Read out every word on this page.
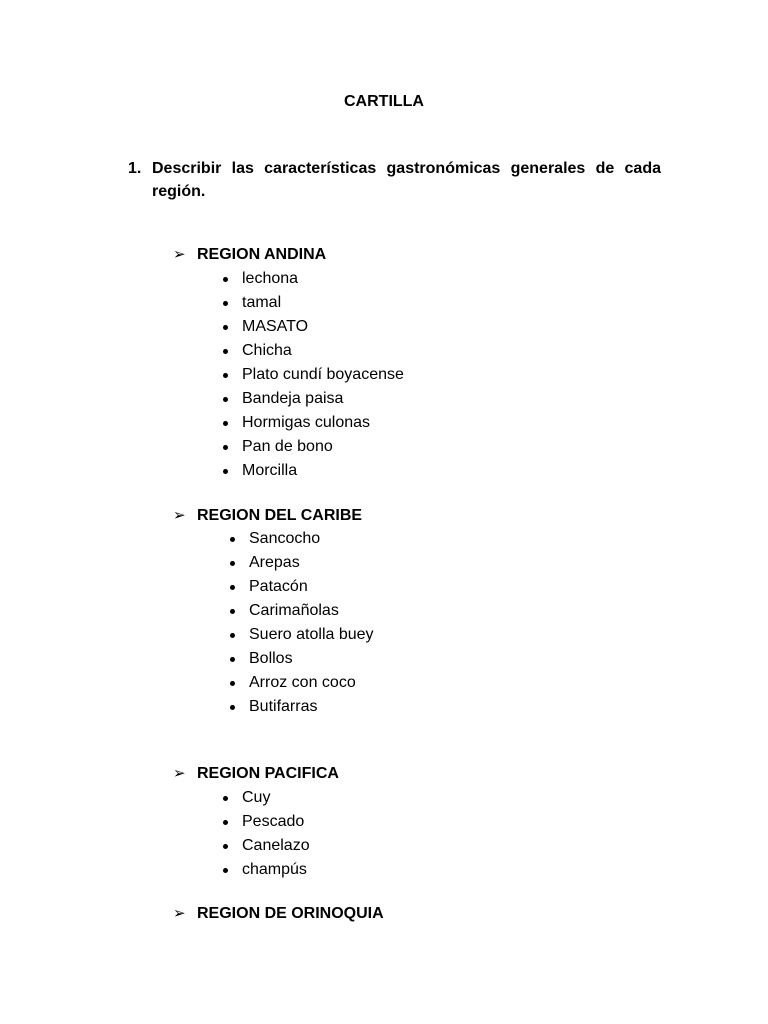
CARTILLA
1. Describir las características gastronómicas generales de cada región.
➢ REGION ANDINA
lechona
tamal
MASATO
Chicha
Plato cundí boyacense
Bandeja paisa
Hormigas culonas
Pan de bono
Morcilla
➢ REGION DEL CARIBE
Sancocho
Arepas
Patacón
Carimañolas
Suero atolla buey
Bollos
Arroz con coco
Butifarras
➢ REGION PACIFICA
Cuy
Pescado
Canelazo
champús
➢ REGION DE ORINOQUIA
